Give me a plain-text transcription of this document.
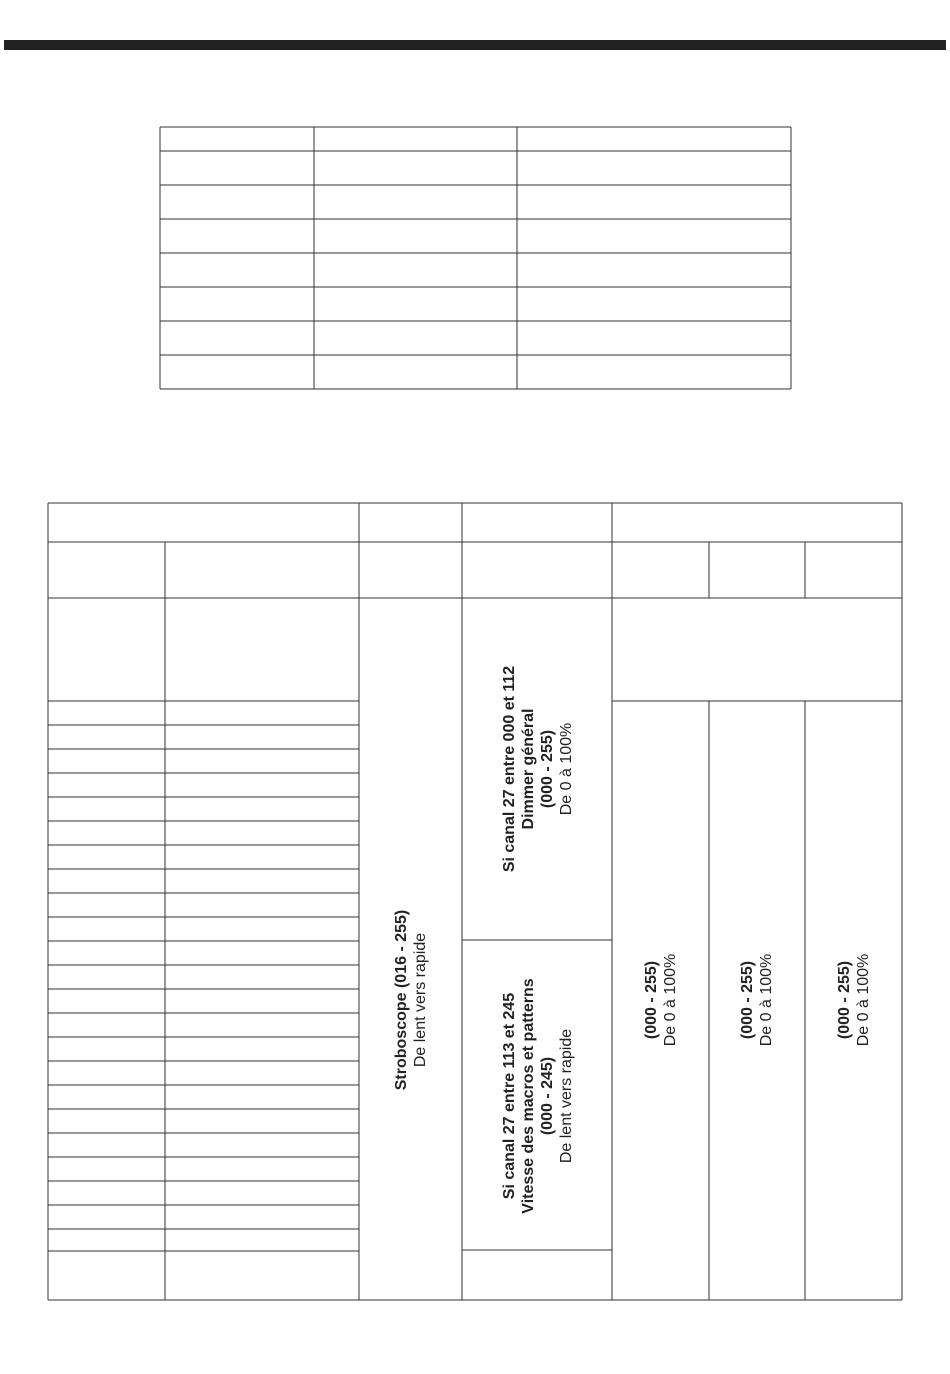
Stroboscope (016 - 255) De lent vers rapide
Si canal 27 entre 000 et 112 Dimmer général (000 - 255) De 0 à 100%
Si canal 27 entre 113 et 245 Vitesse des macros et patterns (000 - 245) De lent vers rapide
(000 - 255) De 0 à 100%	(000 - 255) De 0 à 100%	(000 - 255) De 0 à 100%
